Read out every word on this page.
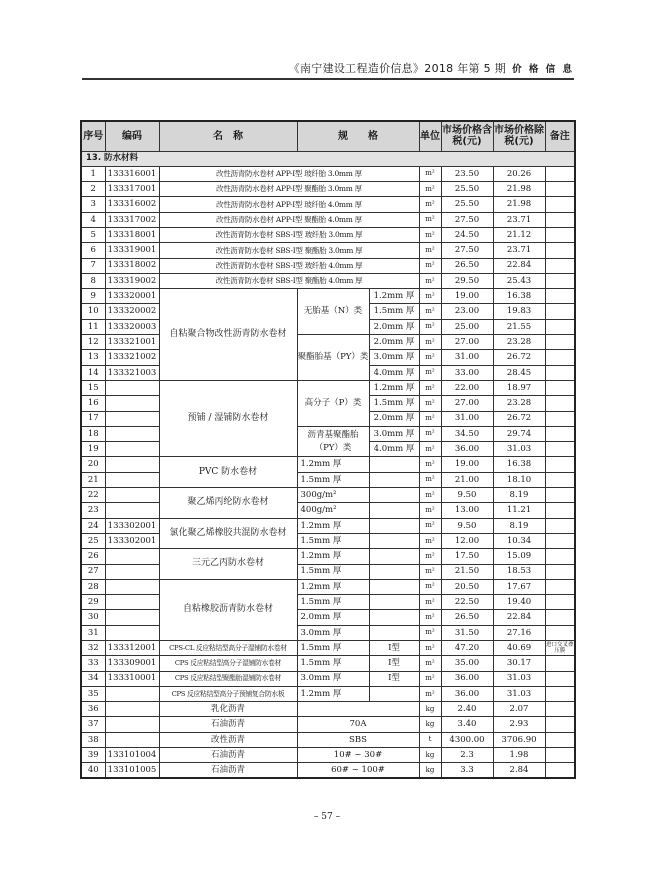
《南宁建设工程造价信息》2018 年第 5 期 价 格 信 息
序号	编码	名　称	规　　格		单位	市场价格含税(元)	市场价格除税(元)	备注
13. 防水材料								
1	133316001	改性沥青防水卷材 APP-Ⅰ型 玻纤胎 3.0mm 厚			m²	23.50	20.26	
2	133317001	改性沥青防水卷材 APP-Ⅰ型 聚酯胎 3.0mm 厚			m²	25.50	21.98	
3	133316002	改性沥青防水卷材 APP-Ⅰ型 玻纤胎 4.0mm 厚			m²	25.50	21.98	
4	133317002	改性沥青防水卷材 APP-Ⅰ型 聚酯胎 4.0mm 厚			m²	27.50	23.71	
5	133318001	改性沥青防水卷材 SBS-Ⅰ型 玻纤胎 3.0mm 厚			m²	24.50	21.12	
6	133319001	改性沥青防水卷材 SBS-Ⅰ型 聚酯胎 3.0mm 厚			m²	27.50	23.71	
7	133318002	改性沥青防水卷材 SBS-Ⅰ型 玻纤胎 4.0mm 厚			m²	26.50	22.84	
8	133319002	改性沥青防水卷材 SBS-Ⅰ型 聚酯胎 4.0mm 厚			m²	29.50	25.43	
9	133320001	自粘聚合物改性沥青防水卷材	无胎基（N）类	1.2mm 厚	m²	19.00	16.38	
10	133320002			1.5mm 厚	m²	23.00	19.83	
11	133320003			2.0mm 厚	m²	25.00	21.55	
12	133321001		聚酯胎基（PY）类	2.0mm 厚	m²	27.00	23.28	
13	133321002			3.0mm 厚	m²	31.00	26.72	
14	133321003			4.0mm 厚	m²	33.00	28.45	
15		预铺 / 湿铺防水卷材	高分子（P）类	1.2mm 厚	m²	22.00	18.97	
16				1.5mm 厚	m²	27.00	23.28	
17				2.0mm 厚	m²	31.00	26.72	
18			沥青基聚酯胎（PY）类	3.0mm 厚	m²	34.50	29.74	
19				4.0mm 厚	m²	36.00	31.03	
20		PVC 防水卷材	1.2mm 厚		m²	19.00	16.38	
21			1.5mm 厚		m²	21.00	18.10	
22		聚乙烯丙纶防水卷材	300g/m²		m²	9.50	8.19	
23			400g/m²		m²	13.00	11.21	
24	133302001	氯化聚乙烯橡胶共混防水卷材	1.2mm 厚		m²	9.50	8.19	
25	133302001		1.5mm 厚		m²	12.00	10.34	
26		三元乙丙防水卷材	1.2mm 厚		m²	17.50	15.09	
27			1.5mm 厚		m²	21.50	18.53	
28		自粘橡胶沥青防水卷材	1.2mm 厚		m²	20.50	17.67	
29			1.5mm 厚		m²	22.50	19.40	
30			2.0mm 厚		m²	26.50	22.84	
31			3.0mm 厚		m²	31.50	27.16	
32	133312001	CPS-CL 反应粘结型高分子湿铺防水卷材	1.5mm 厚	Ⅰ型	m²	47.20	40.69	进口交叉叠压膜
33	133309001	CPS 反应粘结型高分子湿铺防水卷材	1.5mm 厚	Ⅰ型	m²	35.00	30.17	
34	133310001	CPS 反应粘结型聚酯胎湿铺防水卷材	3.0mm 厚	Ⅰ型	m²	36.00	31.03	
35		CPS 反应粘结型高分子预铺复合防水板	1.2mm 厚		m²	36.00	31.03	
36		乳化沥青			kg	2.40	2.07	
37		石油沥青	70A		kg	3.40	2.93	
38		改性沥青	SBS		t	4300.00	3706.90	
39	133101004	石油沥青	10# ~ 30#		kg	2.3	1.98	
40	133101005	石油沥青	60# ~ 100#		kg	3.3	2.84	
– 57 –
